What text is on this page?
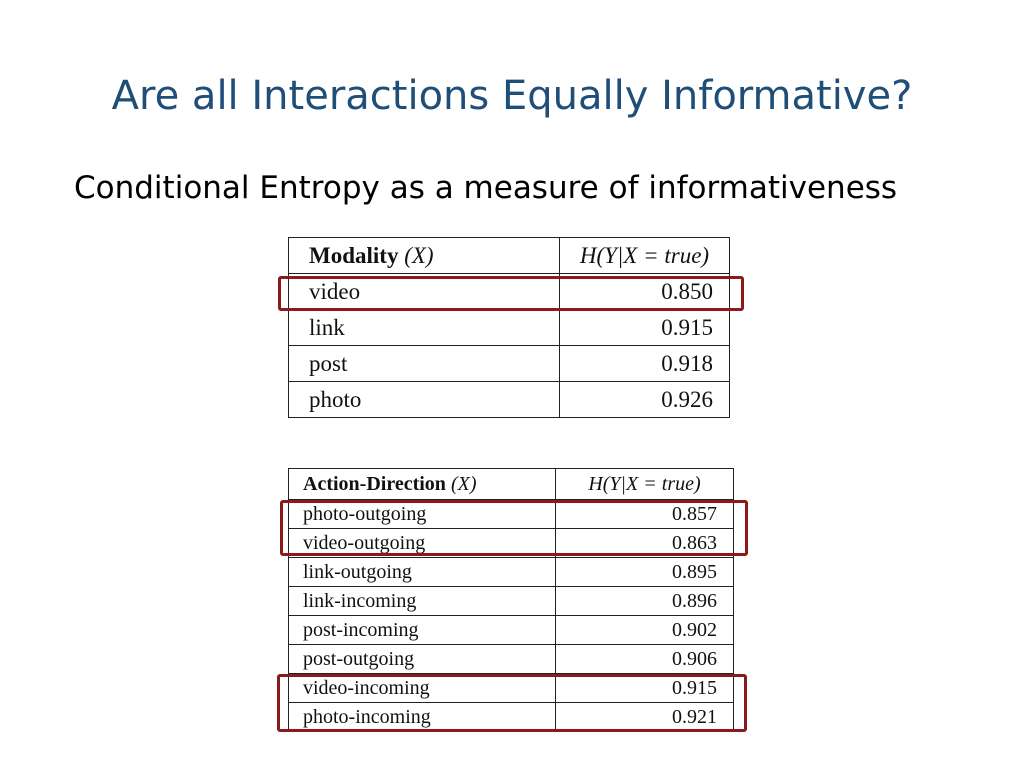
Are all Interactions Equally Informative?
Conditional Entropy as a measure of informativeness
Modality (X)	H(Y|X = true)
video	0.850
link	0.915
post	0.918
photo	0.926
Action-Direction (X)	H(Y|X = true)
photo-outgoing	0.857
video-outgoing	0.863
link-outgoing	0.895
link-incoming	0.896
post-incoming	0.902
post-outgoing	0.906
video-incoming	0.915
photo-incoming	0.921
